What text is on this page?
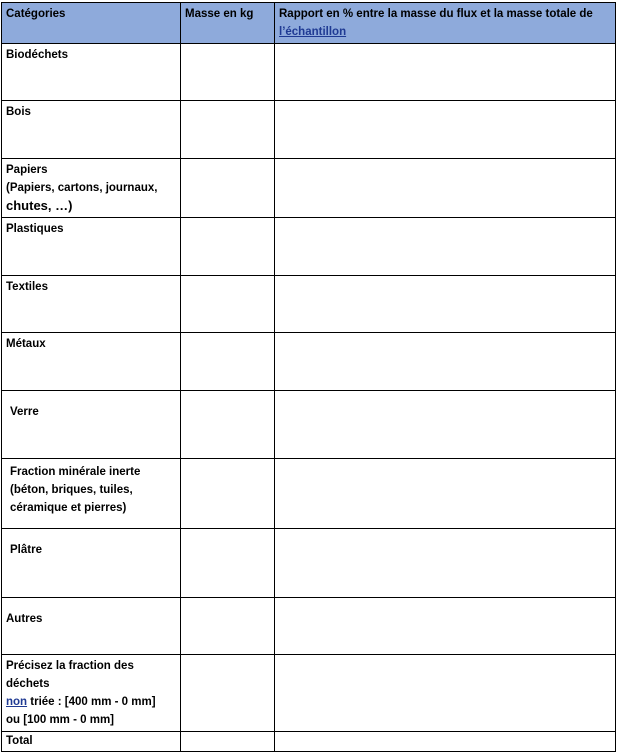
Catégories	Masse en kg	Rapport en % entre la masse du flux et la masse totale de
l’échantillon

Biodéchets		
Bois		

Papiers
(Papiers, cartons, journaux,
chutes, …)		

Plastiques		
Textiles		
Métaux		
Verre		

Fraction minérale inerte
(béton, briques, tuiles,
céramique et pierres)		

Plâtre		
Autres		

Précisez la fraction des déchets
non triée : [400 mm - 0 mm]
ou [100 mm - 0 mm]		

Total		
